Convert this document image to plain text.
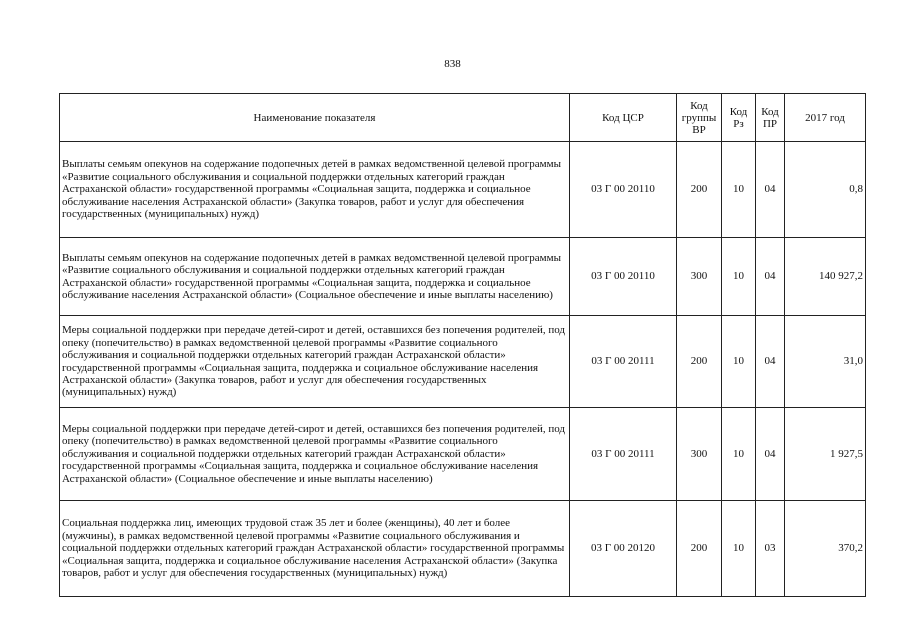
838
Наименование показателя	Код ЦСР	Код группы ВР	Код Рз	Код ПР	2017 год
Выплаты семьям опекунов на содержание подопечных детей в рамках ведомственной целевой программы «Развитие социального обслуживания и социальной поддержки отдельных категорий граждан Астраханской области» государственной программы «Социальная защита, поддержка и социальное обслуживание населения Астраханской области» (Закупка товаров, работ и услуг для обеспечения государственных (муниципальных) нужд)	03 Г 00 20110	200	10	04	0,8
Выплаты семьям опекунов на содержание подопечных детей в рамках ведомственной целевой программы «Развитие социального обслуживания и социальной поддержки отдельных категорий граждан Астраханской области» государственной программы «Социальная защита, поддержка и социальное обслуживание населения Астраханской области» (Социальное обеспечение и иные выплаты населению)	03 Г 00 20110	300	10	04	140 927,2
Меры социальной поддержки при передаче детей-сирот и детей, оставшихся без попечения родителей, под опеку (попечительство) в рамках ведомственной целевой программы «Развитие социального обслуживания и социальной поддержки отдельных категорий граждан Астраханской области» государственной программы «Социальная защита, поддержка и социальное обслуживание населения Астраханской области» (Закупка товаров, работ и услуг для обеспечения государственных (муниципальных) нужд)	03 Г 00 20111	200	10	04	31,0
Меры социальной поддержки при передаче детей-сирот и детей, оставшихся без попечения родителей, под опеку (попечительство) в рамках ведомственной целевой программы «Развитие социального обслуживания и социальной поддержки отдельных категорий граждан Астраханской области» государственной программы «Социальная защита, поддержка и социальное обслуживание населения Астраханской области» (Социальное обеспечение и иные выплаты населению)	03 Г 00 20111	300	10	04	1 927,5
Социальная поддержка лиц, имеющих трудовой стаж 35 лет и более (женщины), 40 лет и более (мужчины), в рамках ведомственной целевой программы «Развитие социального обслуживания и социальной поддержки отдельных категорий граждан Астраханской области» государственной программы «Социальная защита, поддержка и социальное обслуживание населения Астраханской области» (Закупка товаров, работ и услуг для обеспечения государственных (муниципальных) нужд)	03 Г 00 20120	200	10	03	370,2
